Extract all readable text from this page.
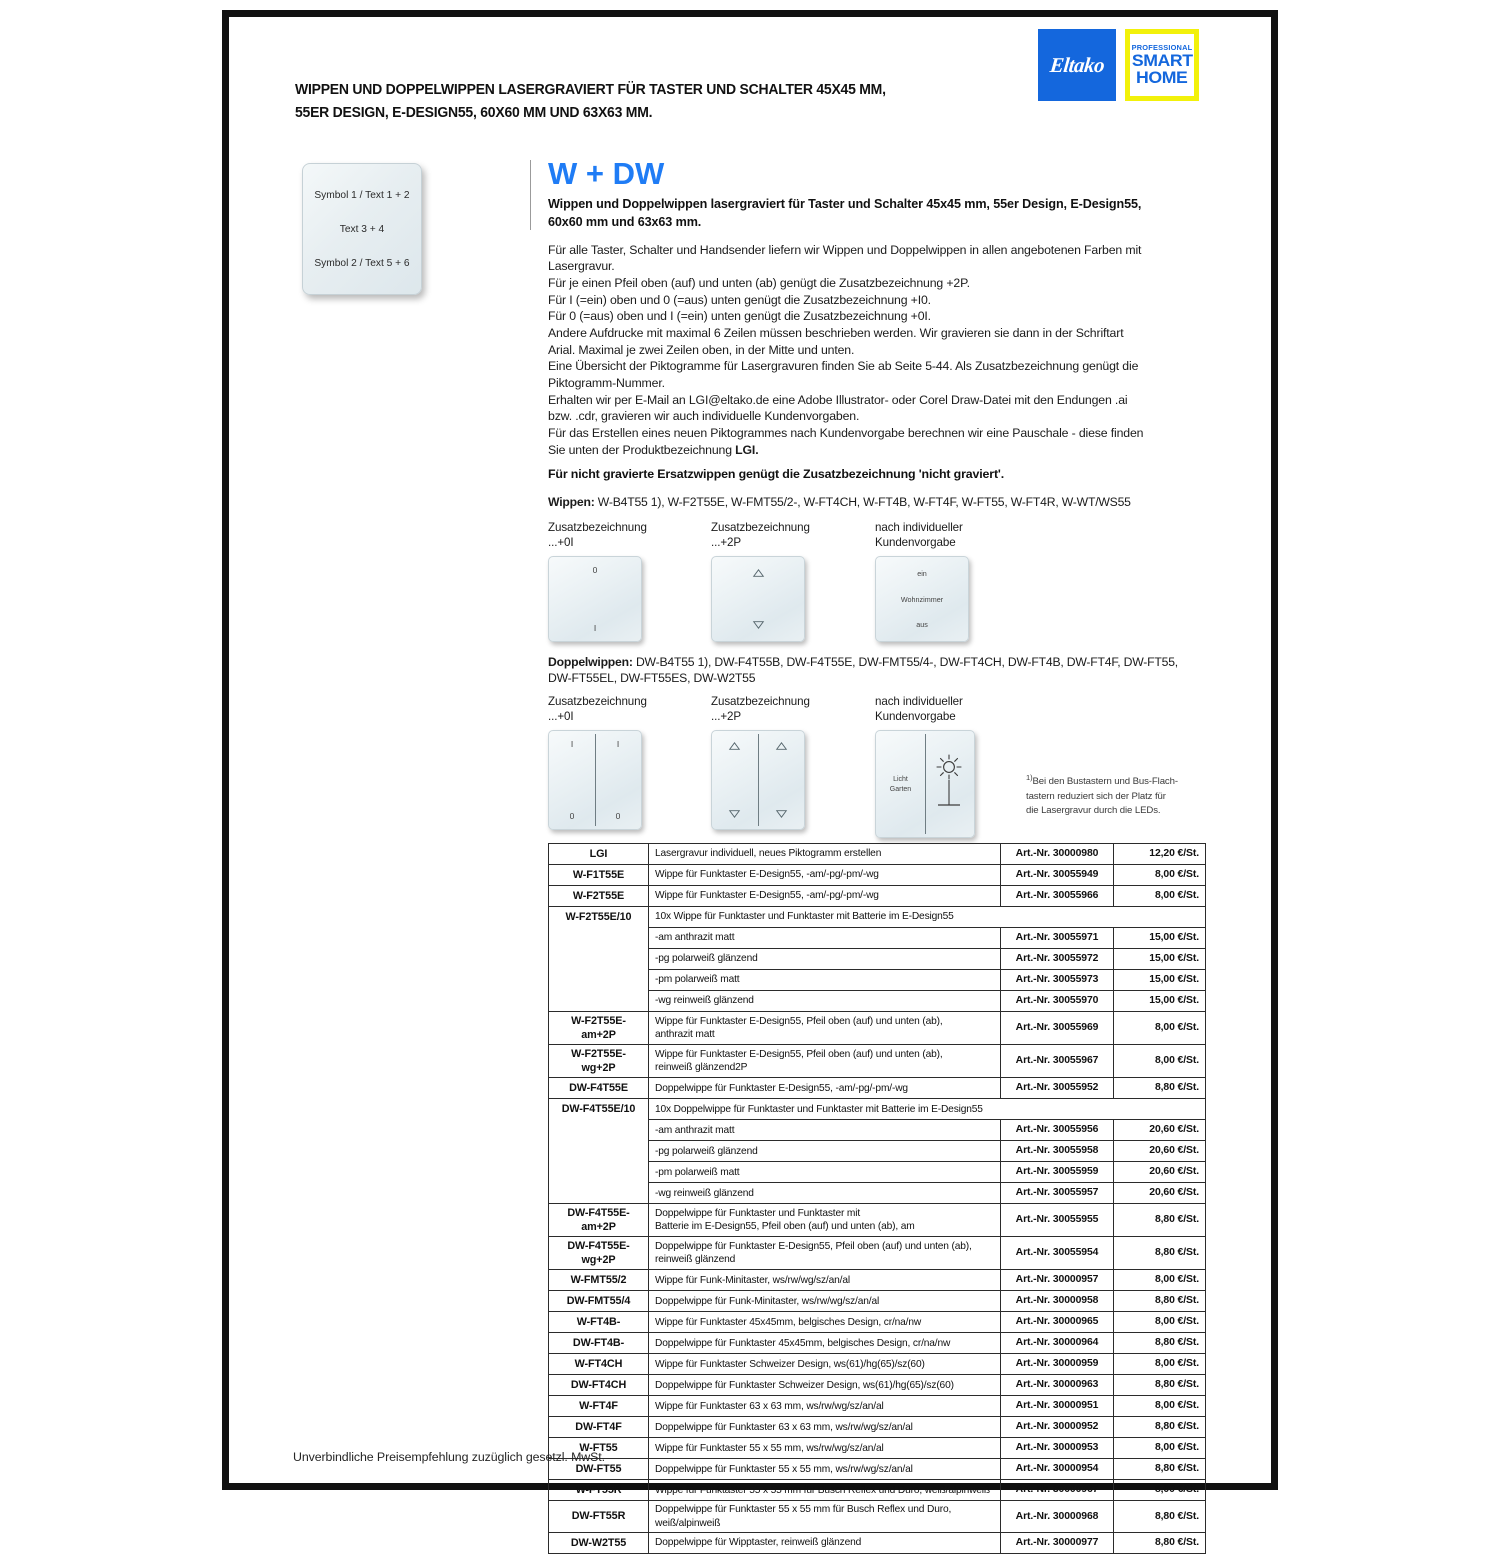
WIPPEN UND DOPPELWIPPEN LASERGRAVIERT FÜR TASTER UND SCHALTER 45X45 MM,
55ER DESIGN, E-DESIGN55, 60X60 MM UND 63X63 MM.
Eltako
PROFESSIONAL
SMART
HOME
Symbol 1 / Text 1 + 2
Text 3 + 4
Symbol 2 / Text 5 + 6
W + DW
Wippen und Doppelwippen lasergraviert für Taster und Schalter 45x45 mm, 55er Design, E-Design55,
60x60 mm und 63x63 mm.
Für alle Taster, Schalter und Handsender liefern wir Wippen und Doppelwippen in allen angebotenen Farben mit Lasergravur.
Für je einen Pfeil oben (auf) und unten (ab) genügt die Zusatzbezeichnung +2P.
Für I (=ein) oben und 0 (=aus) unten genügt die Zusatzbezeichnung +I0.
Für 0 (=aus) oben und I (=ein) unten genügt die Zusatzbezeichnung +0I.
Andere Aufdrucke mit maximal 6 Zeilen müssen beschrieben werden. Wir gravieren sie dann in der Schriftart
Arial. Maximal je zwei Zeilen oben, in der Mitte und unten.
Eine Übersicht der Piktogramme für Lasergravuren finden Sie ab Seite 5-44. Als Zusatzbezeichnung genügt die
Piktogramm-Nummer.
Erhalten wir per E-Mail an LGI@eltako.de eine Adobe Illustrator- oder Corel Draw-Datei mit den Endungen .ai
bzw. .cdr, gravieren wir auch individuelle Kundenvorgaben.
Für das Erstellen eines neuen Piktogrammes nach Kundenvorgabe berechnen wir eine Pauschale - diese finden
Sie unten der Produktbezeichnung LGI.
Für nicht gravierte Ersatzwippen genügt die Zusatzbezeichnung 'nicht graviert'.
Wippen: W-B4T55 1), W-F2T55E, W-FMT55/2-, W-FT4CH, W-FT4B, W-FT4F, W-FT55, W-FT4R, W-WT/WS55
Zusatzbezeichnung
...+0I
0
I
Zusatzbezeichnung
...+2P
nach individueller
Kundenvorgabe
ein
Wohnzimmer
aus
Doppelwippen: DW-B4T55 1), DW-F4T55B, DW-F4T55E, DW-FMT55/4-, DW-FT4CH, DW-FT4B, DW-FT4F, DW-FT55,
DW-FT55EL, DW-FT55ES, DW-W2T55
Zusatzbezeichnung
...+0I
I	I
0	0
Zusatzbezeichnung
...+2P
nach individueller
Kundenvorgabe
Licht
Garten
$^{1)}$Bei den Bustastern und Bus-Flach-
tastern reduziert sich der Platz für
die Lasergravur durch die LEDs.
LGI	Lasergravur individuell, neues Piktogramm erstellen	Art.-Nr. 30000980	12,20 €/St.
W-F1T55E	Wippe für Funktaster E-Design55, -am/-pg/-pm/-wg	Art.-Nr. 30055949	8,00 €/St.
W-F2T55E	Wippe für Funktaster E-Design55, -am/-pg/-pm/-wg	Art.-Nr. 30055966	8,00 €/St.
W-F2T55E/10	10x Wippe für Funktaster und Funktaster mit Batterie im E-Design55		
	-am anthrazit matt	Art.-Nr. 30055971	15,00 €/St.
	-pg polarweiß glänzend	Art.-Nr. 30055972	15,00 €/St.
	-pm polarweiß matt	Art.-Nr. 30055973	15,00 €/St.
	-wg reinweiß glänzend	Art.-Nr. 30055970	15,00 €/St.
W-F2T55E-
am+2P	Wippe für Funktaster E-Design55, Pfeil oben (auf) und unten (ab),
anthrazit matt	Art.-Nr. 30055969	8,00 €/St.
W-F2T55E-
wg+2P	Wippe für Funktaster E-Design55, Pfeil oben (auf) und unten (ab),
reinweiß glänzend2P	Art.-Nr. 30055967	8,00 €/St.
DW-F4T55E	Doppelwippe für Funktaster E-Design55, -am/-pg/-pm/-wg	Art.-Nr. 30055952	8,80 €/St.
DW-F4T55E/10	10x Doppelwippe für Funktaster und Funktaster mit Batterie im E-Design55		
	-am anthrazit matt	Art.-Nr. 30055956	20,60 €/St.
	-pg polarweiß glänzend	Art.-Nr. 30055958	20,60 €/St.
	-pm polarweiß matt	Art.-Nr. 30055959	20,60 €/St.
	-wg reinweiß glänzend	Art.-Nr. 30055957	20,60 €/St.
DW-F4T55E-
am+2P	Doppelwippe für Funktaster und Funktaster mit
Batterie im E-Design55, Pfeil oben (auf) und unten (ab), am	Art.-Nr. 30055955	8,80 €/St.
DW-F4T55E-
wg+2P	Doppelwippe für Funktaster E-Design55, Pfeil oben (auf) und unten (ab),
reinweiß glänzend	Art.-Nr. 30055954	8,80 €/St.
W-FMT55/2	Wippe für Funk-Minitaster, ws/rw/wg/sz/an/al	Art.-Nr. 30000957	8,00 €/St.
DW-FMT55/4	Doppelwippe für Funk-Minitaster, ws/rw/wg/sz/an/al	Art.-Nr. 30000958	8,80 €/St.
W-FT4B-	Wippe für Funktaster 45x45mm, belgisches Design, cr/na/nw	Art.-Nr. 30000965	8,00 €/St.
DW-FT4B-	Doppelwippe für Funktaster 45x45mm, belgisches Design, cr/na/nw	Art.-Nr. 30000964	8,80 €/St.
W-FT4CH	Wippe für Funktaster Schweizer Design, ws(61)/hg(65)/sz(60)	Art.-Nr. 30000959	8,00 €/St.
DW-FT4CH	Doppelwippe für Funktaster Schweizer Design, ws(61)/hg(65)/sz(60)	Art.-Nr. 30000963	8,80 €/St.
W-FT4F	Wippe für Funktaster 63 x 63 mm, ws/rw/wg/sz/an/al	Art.-Nr. 30000951	8,00 €/St.
DW-FT4F	Doppelwippe für Funktaster 63 x 63 mm, ws/rw/wg/sz/an/al	Art.-Nr. 30000952	8,80 €/St.
W-FT55	Wippe für Funktaster 55 x 55 mm, ws/rw/wg/sz/an/al	Art.-Nr. 30000953	8,00 €/St.
DW-FT55	Doppelwippe für Funktaster 55 x 55 mm, ws/rw/wg/sz/an/al	Art.-Nr. 30000954	8,80 €/St.
W-FT55R	Wippe für Funktaster 55 x 55 mm für Busch Reflex und Duro, weiß/alpinweiß	Art.-Nr. 30000967	8,00 €/St.
DW-FT55R	Doppelwippe für Funktaster 55 x 55 mm für Busch Reflex und Duro, weiß/alpinweiß	Art.-Nr. 30000968	8,80 €/St.
DW-W2T55	Doppelwippe für Wipptaster, reinweiß glänzend	Art.-Nr. 30000977	8,80 €/St.
Unverbindliche Preisempfehlung zuzüglich gesetzl. MwSt.
